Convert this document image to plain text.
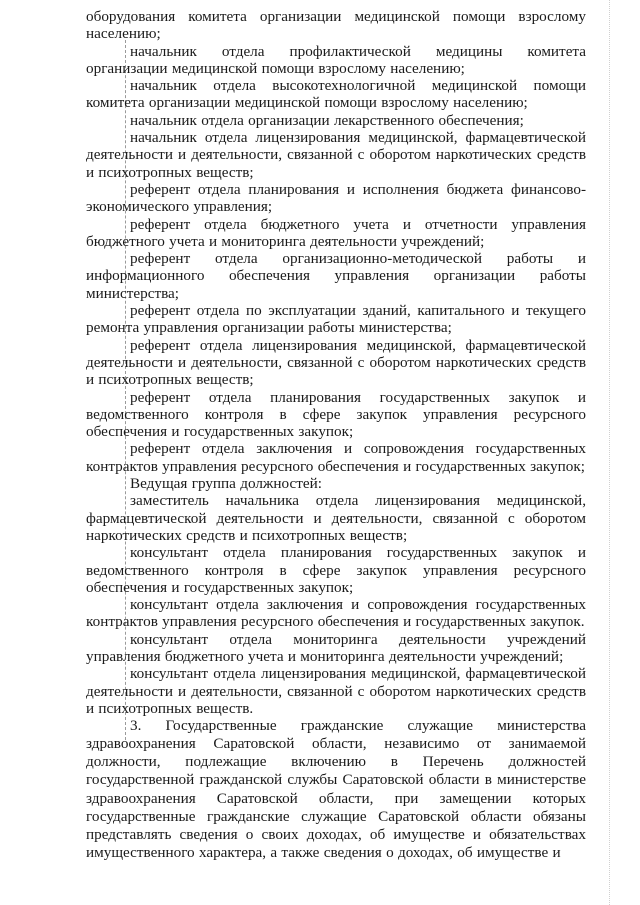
оборудования комитета организации медицинской помощи взрослому населению;

начальник отдела профилактической медицины комитета организации медицинской помощи взрослому населению;

начальник отдела высокотехнологичной медицинской помощи комитета организации медицинской помощи взрослому населению;

начальник отдела организации лекарственного обеспечения;

начальник отдела лицензирования медицинской, фармацевтической деятельности и деятельности, связанной с оборотом наркотических средств и психотропных веществ;

референт отдела планирования и исполнения бюджета финансово-экономического управления;

референт отдела бюджетного учета и отчетности управления бюджетного учета и мониторинга деятельности учреждений;

референт отдела организационно-методической работы и информационного обеспечения управления организации работы министерства;

референт отдела по эксплуатации зданий, капитального и текущего ремонта управления организации работы министерства;

референт отдела лицензирования медицинской, фармацевтической деятельности и деятельности, связанной с оборотом наркотических средств и психотропных веществ;

референт отдела планирования государственных закупок и ведомственного контроля в сфере закупок управления ресурсного обеспечения и государственных закупок;

референт отдела заключения и сопровождения государственных контрактов управления ресурсного обеспечения и государственных закупок;

Ведущая группа должностей:

заместитель начальника отдела лицензирования медицинской, фармацевтической деятельности и деятельности, связанной с оборотом наркотических средств и психотропных веществ;

консультант отдела планирования государственных закупок и ведомственного контроля в сфере закупок управления ресурсного обеспечения и государственных закупок;

консультант отдела заключения и сопровождения государственных контрактов управления ресурсного обеспечения и государственных закупок.

консультант отдела мониторинга деятельности учреждений управления бюджетного учета и мониторинга деятельности учреждений;

консультант отдела лицензирования медицинской, фармацевтической деятельности и деятельности, связанной с оборотом наркотических средств и психотропных веществ.

3. Государственные гражданские служащие министерства здравоохранения Саратовской области, независимо от занимаемой должности, подлежащие включению в Перечень должностей государственной гражданской службы Саратовской области в министерстве здравоохранения Саратовской области, при замещении которых государственные гражданские служащие Саратовской области обязаны представлять сведения о своих доходах, об имуществе и обязательствах имущественного характера, а также сведения о доходах, об имуществе и
